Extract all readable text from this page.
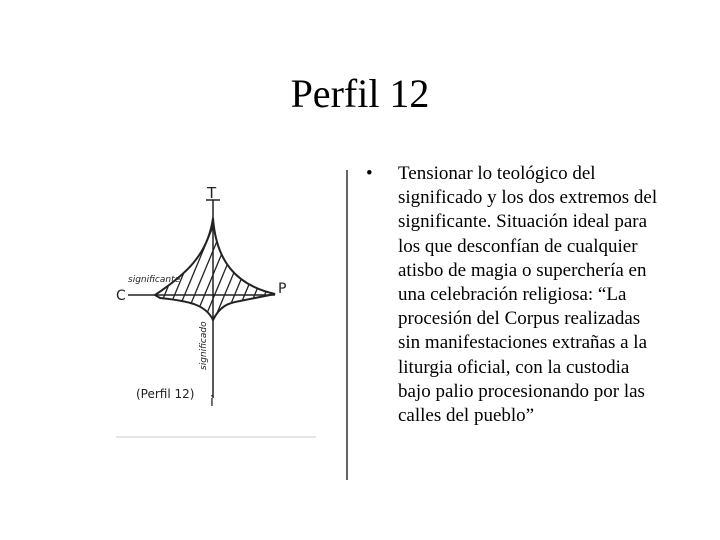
Perfil 12
T
C	P
i
significante
significado
(Perfil 12)
•	Tensionar lo teológico del significado y los dos extremos del significante. Situación ideal para los que desconfían de cualquier atisbo de magia o superchería en una celebración religiosa: “La procesión del Corpus realizadas sin manifestaciones extrañas a la liturgia oficial, con la custodia bajo palio procesionando por las calles del pueblo”
